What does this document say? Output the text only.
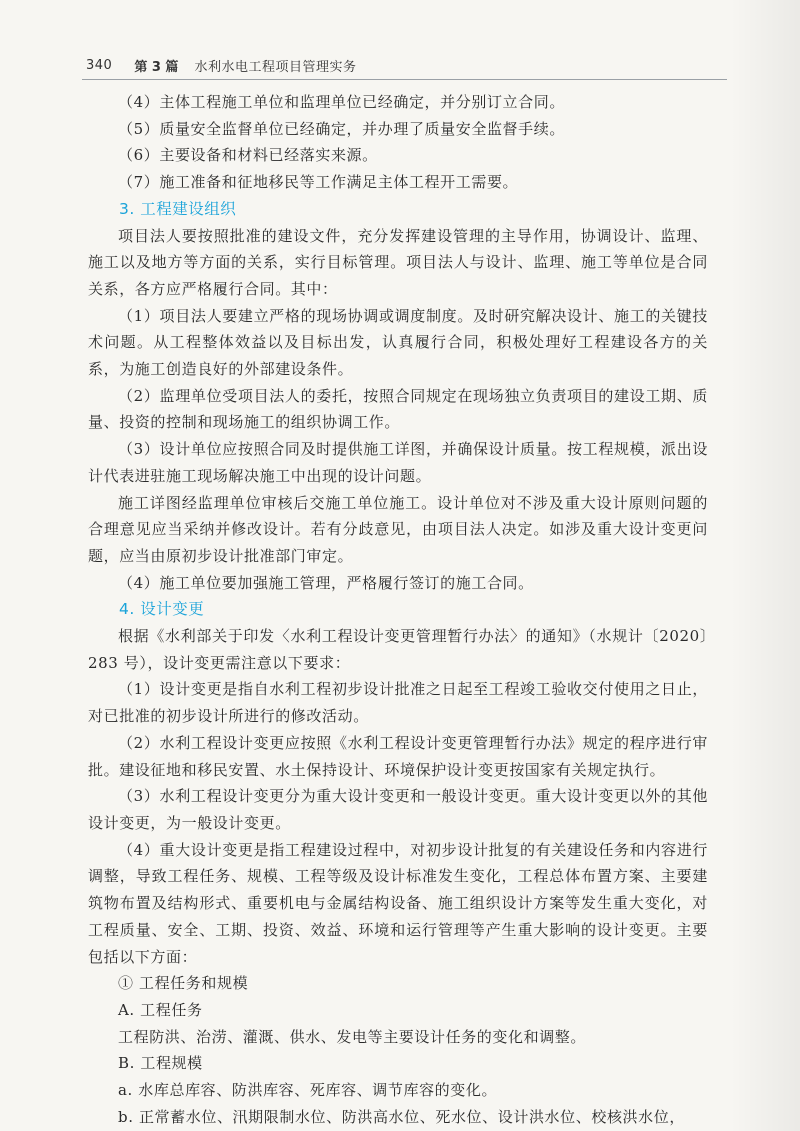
340 第 3 篇 水利水电工程项目管理实务

（4）主体工程施工单位和监理单位已经确定，并分别订立合同。

（5）质量安全监督单位已经确定，并办理了质量安全监督手续。

（6）主要设备和材料已经落实来源。

（7）施工准备和征地移民等工作满足主体工程开工需要。

3. 工程建设组织

项目法人要按照批准的建设文件，充分发挥建设管理的主导作用，协调设计、监理、施工以及地方等方面的关系，实行目标管理。项目法人与设计、监理、施工等单位是合同关系，各方应严格履行合同。其中：

（1）项目法人要建立严格的现场协调或调度制度。及时研究解决设计、施工的关键技术问题。从工程整体效益以及目标出发，认真履行合同，积极处理好工程建设各方的关系，为施工创造良好的外部建设条件。

（2）监理单位受项目法人的委托，按照合同规定在现场独立负责项目的建设工期、质量、投资的控制和现场施工的组织协调工作。

（3）设计单位应按照合同及时提供施工详图，并确保设计质量。按工程规模，派出设计代表进驻施工现场解决施工中出现的设计问题。

施工详图经监理单位审核后交施工单位施工。设计单位对不涉及重大设计原则问题的合理意见应当采纳并修改设计。若有分歧意见，由项目法人决定。如涉及重大设计变更问题，应当由原初步设计批准部门审定。

（4）施工单位要加强施工管理，严格履行签订的施工合同。

4. 设计变更

根据《水利部关于印发〈水利工程设计变更管理暂行办法〉的通知》（水规计〔2020〕283 号），设计变更需注意以下要求：

（1）设计变更是指自水利工程初步设计批准之日起至工程竣工验收交付使用之日止，对已批准的初步设计所进行的修改活动。

（2）水利工程设计变更应按照《水利工程设计变更管理暂行办法》规定的程序进行审批。建设征地和移民安置、水土保持设计、环境保护设计变更按国家有关规定执行。

（3）水利工程设计变更分为重大设计变更和一般设计变更。重大设计变更以外的其他设计变更，为一般设计变更。

（4）重大设计变更是指工程建设过程中，对初步设计批复的有关建设任务和内容进行调整，导致工程任务、规模、工程等级及设计标准发生变化，工程总体布置方案、主要建筑物布置及结构形式、重要机电与金属结构设备、施工组织设计方案等发生重大变化，对工程质量、安全、工期、投资、效益、环境和运行管理等产生重大影响的设计变更。主要包括以下方面：

① 工程任务和规模

A. 工程任务

工程防洪、治涝、灌溉、供水、发电等主要设计任务的变化和调整。

B. 工程规模

a. 水库总库容、防洪库容、死库容、调节库容的变化。

b. 正常蓄水位、汛期限制水位、防洪高水位、死水位、设计洪水位、校核洪水位，
